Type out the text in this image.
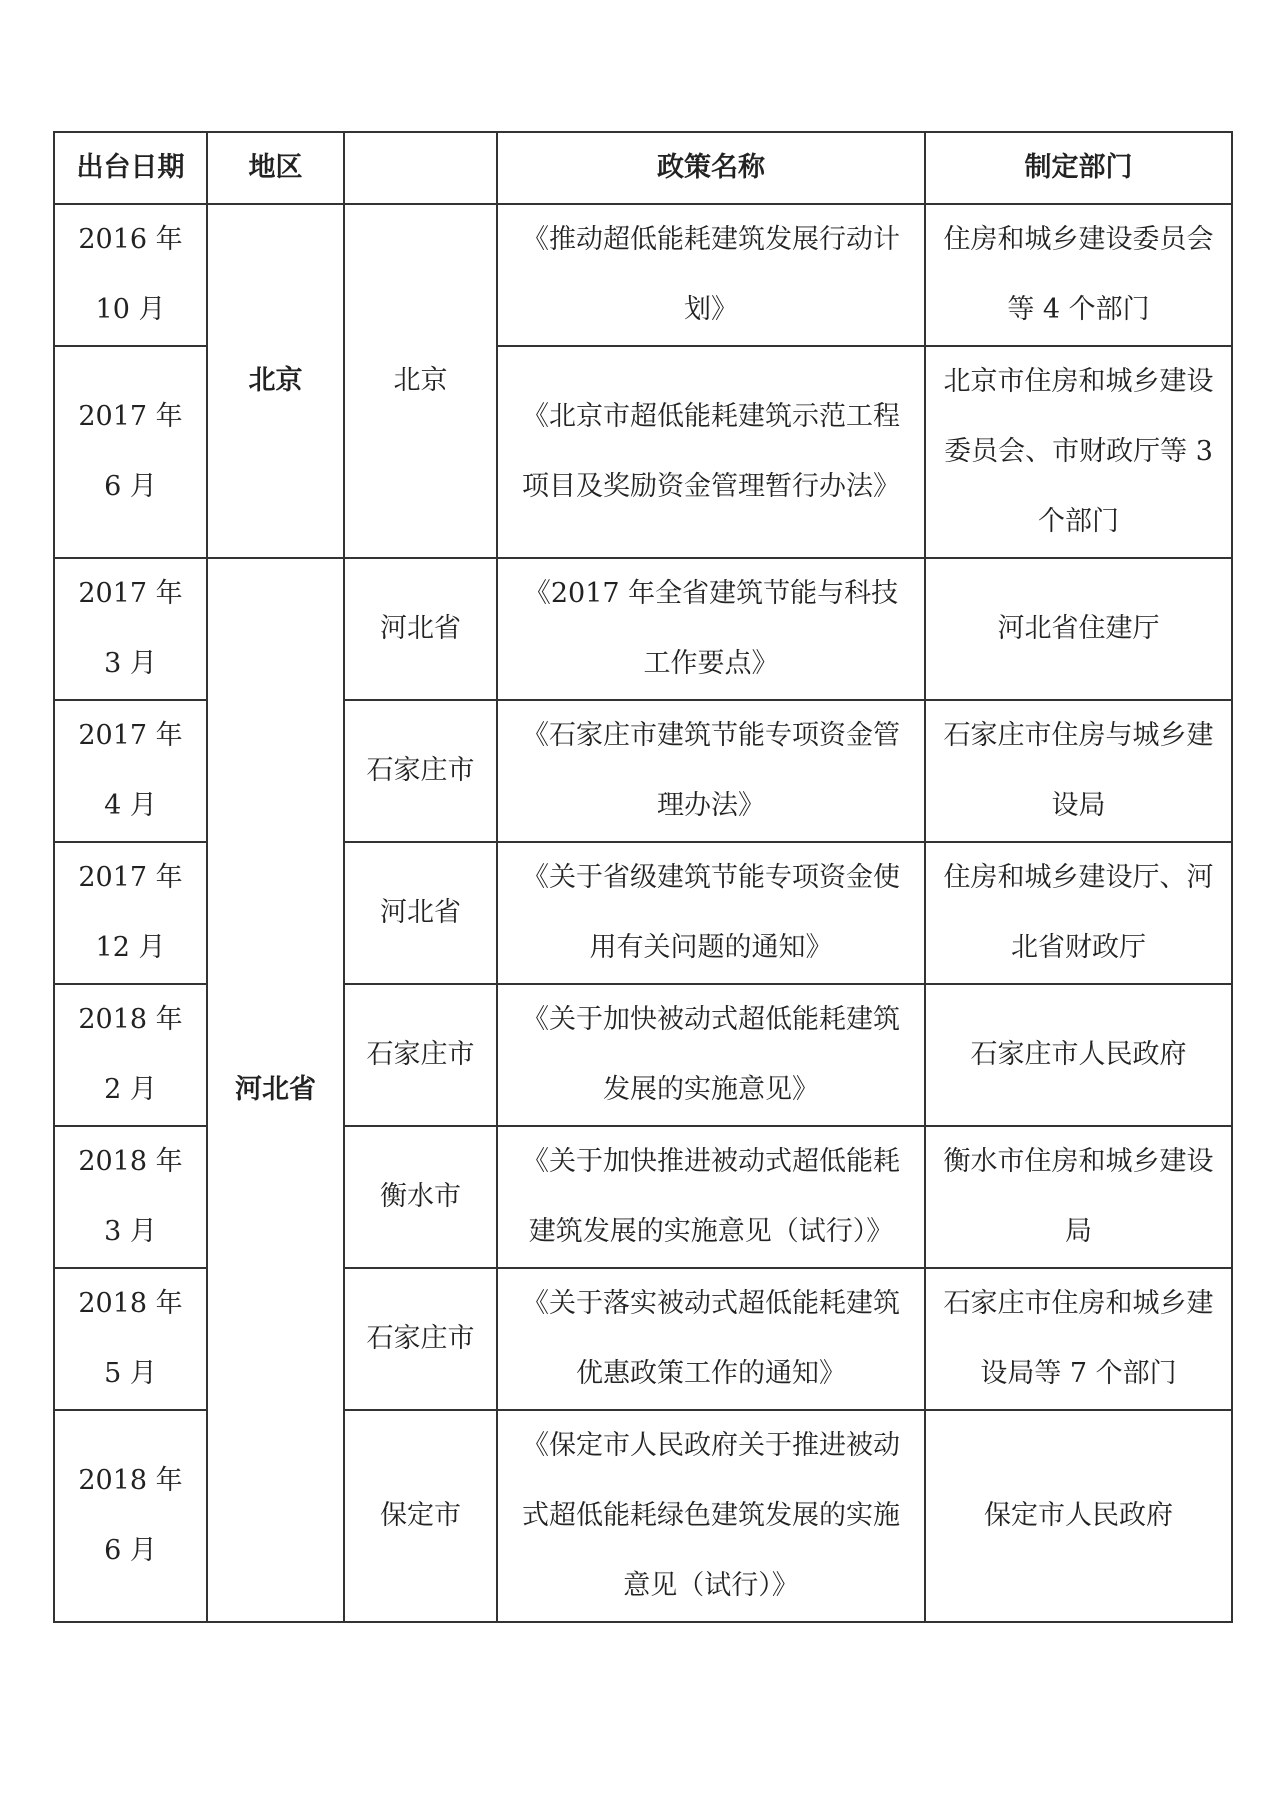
出台日期	地区		政策名称	制定部门
2016 年 10 月	北京	北京	《推动超低能耗建筑发展行动计划》	住房和城乡建设委员会等 4 个部门
2017 年 6 月			《北京市超低能耗建筑示范工程项目及奖励资金管理暂行办法》	北京市住房和城乡建设委员会、市财政厅等 3 个部门
2017 年 3 月	河北省	河北省	《2017 年全省建筑节能与科技工作要点》	河北省住建厅
2017 年 4 月		石家庄市	《石家庄市建筑节能专项资金管理办法》	石家庄市住房与城乡建设局
2017 年 12 月		河北省	《关于省级建筑节能专项资金使用有关问题的通知》	住房和城乡建设厅、河北省财政厅
2018 年 2 月		石家庄市	《关于加快被动式超低能耗建筑发展的实施意见》	石家庄市人民政府
2018 年 3 月		衡水市	《关于加快推进被动式超低能耗建筑发展的实施意见（试行）》	衡水市住房和城乡建设局
2018 年 5 月		石家庄市	《关于落实被动式超低能耗建筑优惠政策工作的通知》	石家庄市住房和城乡建设局等 7 个部门
2018 年 6 月		保定市	《保定市人民政府关于推进被动式超低能耗绿色建筑发展的实施意见（试行）》	保定市人民政府
